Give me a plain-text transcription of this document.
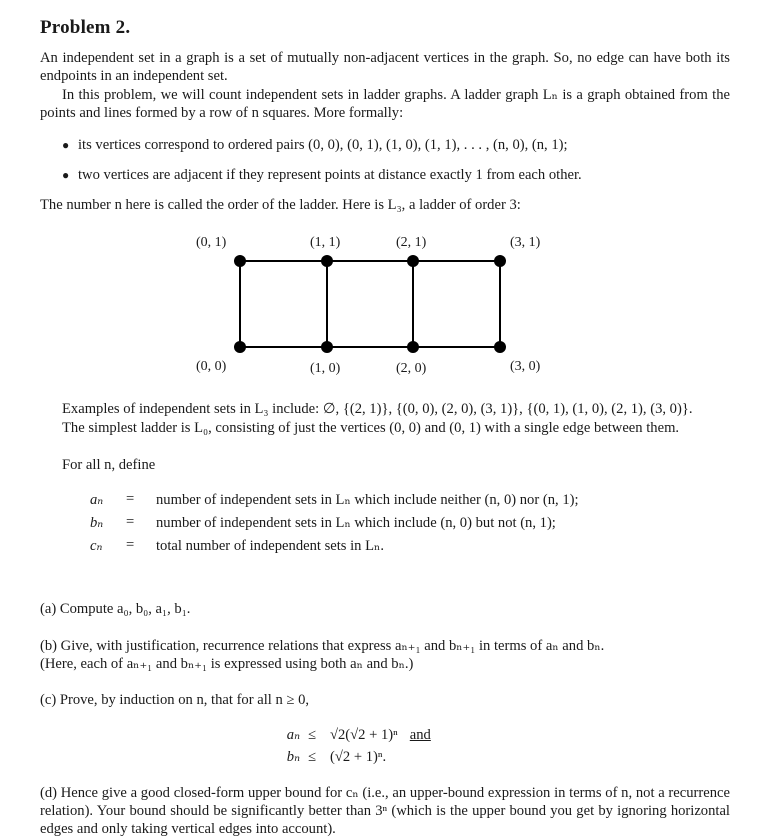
Problem 2.
An independent set in a graph is a set of mutually non-adjacent vertices in the graph. So, no edge can have both its endpoints in an independent set.
In this problem, we will count independent sets in ladder graphs. A ladder graph Lₙ is a graph obtained from the points and lines formed by a row of n squares. More formally:
● its vertices correspond to ordered pairs (0, 0), (0, 1), (1, 0), (1, 1), . . . , (n, 0), (n, 1);
● two vertices are adjacent if they represent points at distance exactly 1 from each other.
The number n here is called the order of the ladder. Here is L₃, a ladder of order 3:
(0, 1)	(1, 1)	(2, 1)	(3, 1)
(0, 0)	(1, 0)	(2, 0)	(3, 0)
Examples of independent sets in L₃ include: ∅, {(2, 1)}, {(0, 0), (2, 0), (3, 1)}, {(0, 1), (1, 0), (2, 1), (3, 0)}.
The simplest ladder is L₀, consisting of just the vertices (0, 0) and (0, 1) with a single edge between them.
For all n, define
aₙ	=	number of independent sets in Lₙ which include neither (n, 0) nor (n, 1);
bₙ	=	number of independent sets in Lₙ which include (n, 0) but not (n, 1);
cₙ	=	total number of independent sets in Lₙ.
(a) Compute a₀, b₀, a₁, b₁.
(b) Give, with justification, recurrence relations that express aₙ₊₁ and bₙ₊₁ in terms of aₙ and bₙ.
(Here, each of aₙ₊₁ and bₙ₊₁ is expressed using both aₙ and bₙ.)
(c) Prove, by induction on n, that for all n ≥ 0,
aₙ ≤ √2(√2 + 1)ⁿ and
bₙ ≤ (√2 + 1)ⁿ.
(d) Hence give a good closed-form upper bound for cₙ (i.e., an upper-bound expression in terms of n, not a recurrence relation). Your bound should be significantly better than 3ⁿ (which is the upper bound you get by ignoring horizontal edges and only taking vertical edges into account).
